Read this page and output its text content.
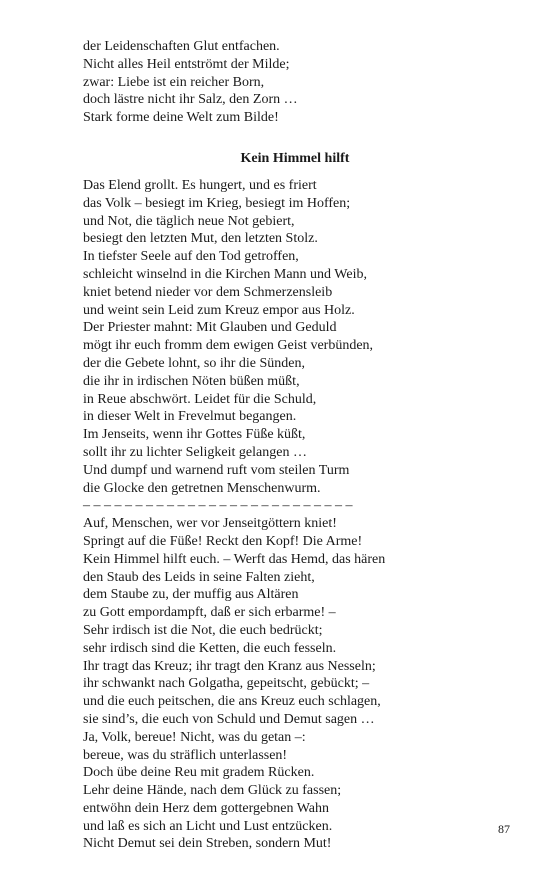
der Leidenschaften Glut entfachen.
Nicht alles Heil entströmt der Milde;
zwar: Liebe ist ein reicher Born,
doch lästre nicht ihr Salz, den Zorn …
Stark forme deine Welt zum Bilde!
Kein Himmel hilft
Das Elend grollt. Es hungert, und es friert
das Volk – besiegt im Krieg, besiegt im Hoffen;
und Not, die täglich neue Not gebiert,
besiegt den letzten Mut, den letzten Stolz.
In tiefster Seele auf den Tod getroffen,
schleicht winselnd in die Kirchen Mann und Weib,
kniet betend nieder vor dem Schmerzensleib
und weint sein Leid zum Kreuz empor aus Holz.
Der Priester mahnt: Mit Glauben und Geduld
mögt ihr euch fromm dem ewigen Geist verbünden,
der die Gebete lohnt, so ihr die Sünden,
die ihr in irdischen Nöten büßen müßt,
in Reue abschwört. Leidet für die Schuld,
in dieser Welt in Frevelmut begangen.
Im Jenseits, wenn ihr Gottes Füße küßt,
sollt ihr zu lichter Seligkeit gelangen …
Und dumpf und warnend ruft vom steilen Turm
die Glocke den getretnen Menschenwurm.
– – – – – – – – – – – – – – – – – – – – – – – – – –
Auf, Menschen, wer vor Jenseitgöttern kniet!
Springt auf die Füße! Reckt den Kopf! Die Arme!
Kein Himmel hilft euch. – Werft das Hemd, das hären
den Staub des Leids in seine Falten zieht,
dem Staube zu, der muffig aus Altären
zu Gott empordampft, daß er sich erbarme! –
Sehr irdisch ist die Not, die euch bedrückt;
sehr irdisch sind die Ketten, die euch fesseln.
Ihr tragt das Kreuz; ihr tragt den Kranz aus Nesseln;
ihr schwankt nach Golgatha, gepeitscht, gebückt; –
und die euch peitschen, die ans Kreuz euch schlagen,
sie sind’s, die euch von Schuld und Demut sagen …
Ja, Volk, bereue! Nicht, was du getan –:
bereue, was du sträflich unterlassen!
Doch übe deine Reu mit gradem Rücken.
Lehr deine Hände, nach dem Glück zu fassen;
entwöhn dein Herz dem gottergebnen Wahn
und laß es sich an Licht und Lust entzücken.
Nicht Demut sei dein Streben, sondern Mut!
87
